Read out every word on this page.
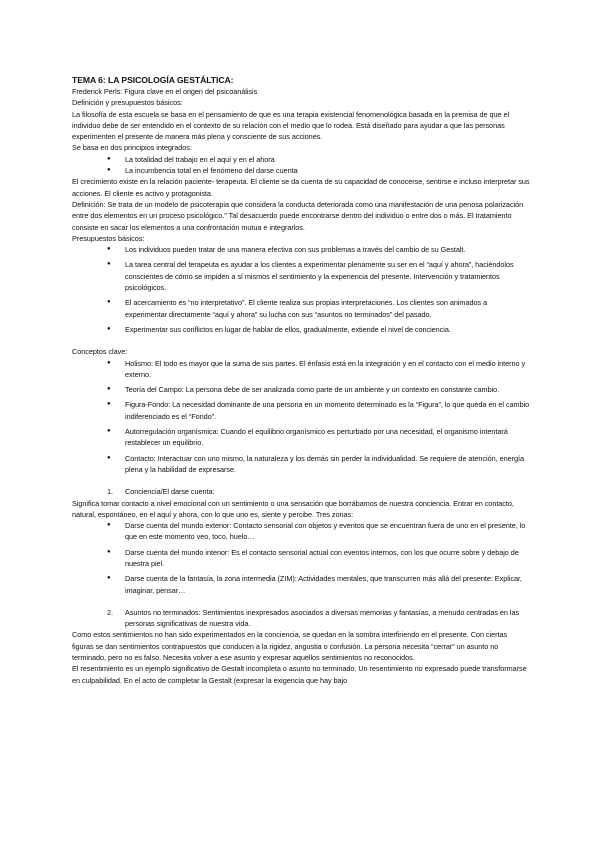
TEMA 6: LA PSICOLOGÍA GESTÁLTICA:

Frederick Perls: Figura clave en el origen del psicoanálisis

Definición y presupuestos básicos:

La filosofía de esta escuela se basa en el pensamiento de que es una terapia existencial fenomenológica basada en la premisa de que el individuo debe de ser entendido en el contexto de su relación con el medio que lo rodea. Está diseñado para ayudar a que las personas experimenten el presente de manera más plena y consciente de sus acciones.

Se basa en dos principios integrados:

● La totalidad del trabajo en el aquí y en el ahora
● La incumbencia total en el fenómeno del darse cuenta

El crecimiento existe en la relación paciente- terapeuta. El cliente se da cuenta de su capacidad de conocerse, sentirse e incluso interpretar sus acciones. El cliente es activo y protagonista.

Definición: Se trata de un modelo de psicoterapia que considera la conducta deteriorada como una manifestación de una penosa polarización entre dos elementos en un proceso psicológico." Tal desacuerdo puede encontrarse dentro del individuo o entre dos o más. El tratamiento consiste en sacar los elementos a una confrontación mutua e integrarlos.

Presupuestos básicos:

● Los individuos pueden tratar de una manera efectiva con sus problemas a través del cambio de su Gestalt.
● La tarea central del terapeuta es ayudar a los clientes a experimentar plenamente su ser en el “aquí y ahora”, haciéndolos conscientes de cómo se impiden a sí mismos el sentimiento y la experiencia del presente. Intervención y tratamientos psicológicos.
● El acercamiento es “no interpretativo”. El cliente realiza sus propias interpretaciones. Los clientes son animados a experimentar directamente “aquí y ahora” su lucha con sus “asuntos no terminados” del pasado.
● Experimentar sus conflictos en lugar de hablar de ellos, gradualmente, extiende el nivel de conciencia.

Conceptos clave:

● Holismo: El todo es mayor que la suma de sus partes. El énfasis está en la integración y en el contacto con el medio interno y externo.
● Teoría del Campo: La persona debe de ser analizada como parte de un ambiente y un contexto en constante cambio.
● Figura-Fondo: La necesidad dominante de una persona en un momento determinado es la “Figura”, lo que queda en el cambio indiferenciado es el “Fondo”.
● Autorregulación organísmica: Cuando el equilibrio organísmico es perturbado por una necesidad, el organismo intentará restablecer un equilibrio.
● Contacto: Interactuar con uno mismo, la naturaleza y los demás sin perder la individualidad. Se requiere de atención, energía plena y la habilidad de expresarse.
1. Conciencia/El darse cuenta:

Significa tomar contacto a nivel emocional con un sentimiento o una sensación que borrábamos de nuestra conciencia. Entrar en contacto, natural, espontáneo, en el aquí y ahora, con lo que uno es, siente y percibe. Tres zonas:

● Darse cuenta del mundo exterior: Contacto sensorial con objetos y eventos que se encuentran fuera de uno en el presente, lo que en este momento veo, toco, huelo…
● Darse cuenta del mundo interior: Es el contacto sensorial actual con eventos internos, con los que ocurre sobre y debajo de nuestra piel.
● Darse cuenta de la fantasía, la zona intermedia (ZIM): Actividades mentales, que transcurren más allá del presente: Explicar, imaginar, pensar…
2. Asuntos no terminados: Sentimientos inexpresados asociados a diversas memorias y fantasías, a menudo centradas en las personas significativas de nuestra vida.

Como estos sentimientos no han sido experimentados en la conciencia, se quedan en la sombra interfiriendo en el presente. Con ciertas figuras se dan sentimientos contrapuestos que conducen a la rigidez, angustia o confusión. La persona necesita “cerrar” un asunto no terminado, pero no es falso. Necesita volver a ese asunto y expresar aquellos sentimientos no reconocidos.

El resentimiento es un ejemplo significativo de Gestalt incompleta o asunto no terminado. Un resentimiento no expresado puede transformarse en culpabilidad. En el acto de completar la Gestalt (expresar la exigencia que hay bajo
